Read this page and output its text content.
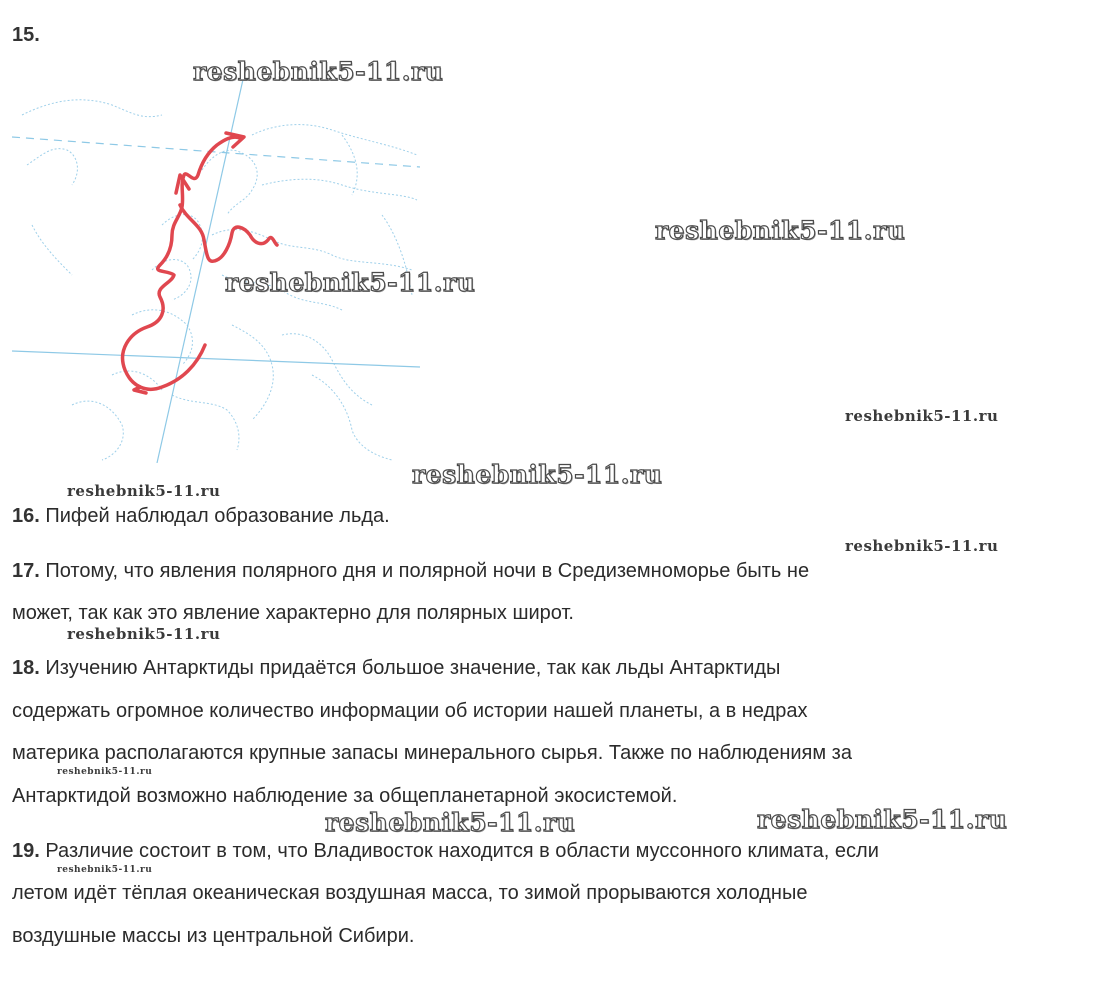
15.
16. Пифей наблюдал образование льда.
17. Потому, что явления полярного дня и полярной ночи в Средиземноморье быть не
может, так как это явление характерно для полярных широт.
18. Изучению Антарктиды придаётся большое значение, так как льды Антарктиды
содержать огромное количество информации об истории нашей планеты, а в недрах
материка располагаются крупные запасы минерального сырья. Также по наблюдениям за
Антарктидой возможно наблюдение за общепланетарной экосистемой.
19. Различие состоит в том, что Владивосток находится в области муссонного климата, если
летом идёт тёплая океаническая воздушная масса, то зимой прорываются холодные
воздушные массы из центральной Сибири.
reshebnik5-11.ru
reshebnik5-11.ru
reshebnik5-11.ru
reshebnik5-11.ru
reshebnik5-11.ru
reshebnik5-11.ru
reshebnik5-11.ru
reshebnik5-11.ru
reshebnik5-11.ru
reshebnik5-11.ru	reshebnik5-11.ru
reshebnik5-11.ru
